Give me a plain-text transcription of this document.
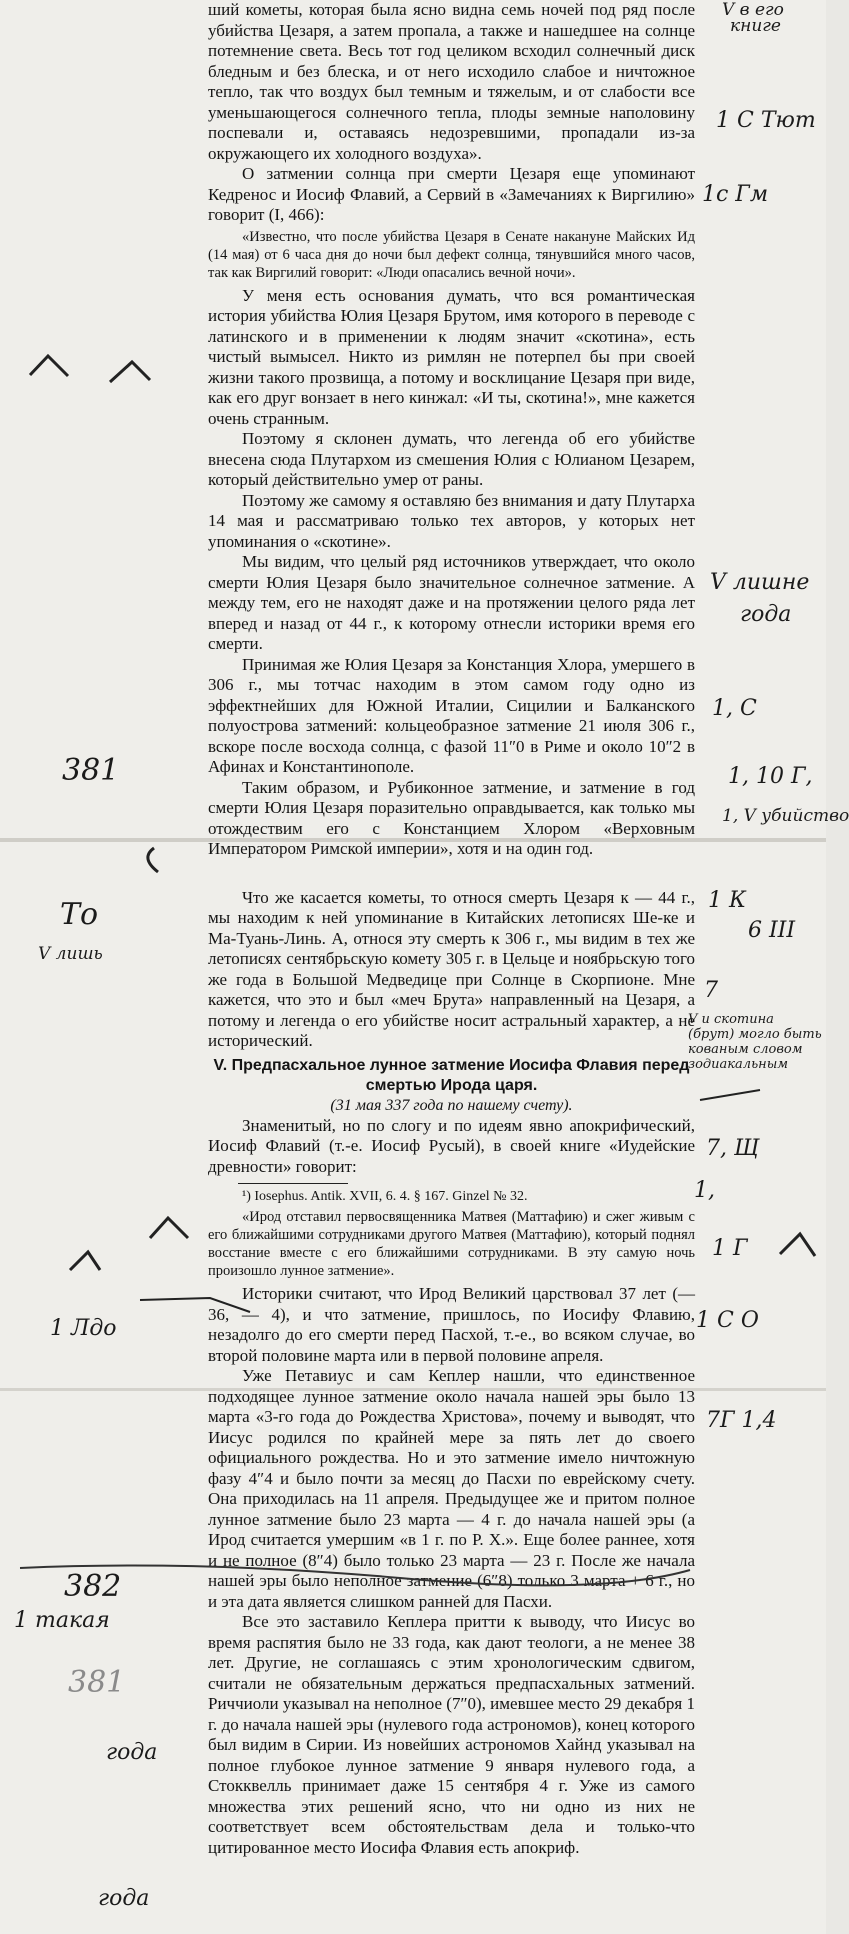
ший кометы, которая была ясно видна семь ночей под ряд после убийства Цезаря, а затем пропала, а также и нашедшее на солнце потемнение света. Весь тот год целиком всходил солнечный диск бледным и без блеска, и от него исходило слабое и ничтожное тепло, так что воздух был темным и тяжелым, и от слабости все уменьшающегося солнечного тепла, плоды земные наполовину поспевали и, оставаясь недозревшими, пропадали из-за окружающего их холодного воздуха».

О затмении солнца при смерти Цезаря еще упоминают Кедренос и Иосиф Флавий, а Сервий в «Замечаниях к Виргилию» говорит (I, 466):

«Известно, что после убийства Цезаря в Сенате накануне Майских Ид (14 мая) от 6 часа дня до ночи был дефект солнца, тянувшийся много часов, так как Виргилий говорит: «Люди опасались вечной ночи».

У меня есть основания думать, что вся романтическая история убийства Юлия Цезаря Брутом, имя которого в переводе с латинского и в применении к людям значит «скотина», есть чистый вымысел. Никто из римлян не потерпел бы при своей жизни такого прозвища, а потому и восклицание Цезаря при виде, как его друг вонзает в него кинжал: «И ты, скотина!», мне кажется очень странным.

Поэтому я склонен думать, что легенда об его убийстве внесена сюда Плутархом из смешения Юлия с Юлианом Цезарем, который действительно умер от раны.

Поэтому же самому я оставляю без внимания и дату Плутарха 14 мая и рассматриваю только тех авторов, у которых нет упоминания о «скотине».

Мы видим, что целый ряд источников утверждает, что около смерти Юлия Цезаря было значительное солнечное затмение. А между тем, его не находят даже и на протяжении целого ряда лет вперед и назад от 44 г., к которому отнесли историки время его смерти.

Принимая же Юлия Цезаря за Констанция Хлора, умершего в 306 г., мы тотчас находим в этом самом году одно из эффектнейших для Южной Италии, Сицилии и Балканского полуострова затмений: кольцеобразное затмение 21 июля 306 г., вскоре после восхода солнца, с фазой 11″0 в Риме и около 10″2 в Афинах и Константинополе.

Таким образом, и Рубиконное затмение, и затмение в год смерти Юлия Цезаря поразительно оправдывается, как только мы отождествим его с Констанцием Хлором «Верховным Императором Римской империи», хотя и на один год.

Что же касается кометы, то относя смерть Цезаря к — 44 г., мы находим к ней упоминание в Китайских летописях Ше-ке и Ма-Туань-Линь. А, относя эту смерть к 306 г., мы видим в тех же летописях сентябрьскую комету 305 г. в Цельце и ноябрьскую того же года в Большой Медведице при Солнце в Скорпионе. Мне кажется, что это и был «меч Брута» направленный на Цезаря, а потому и легенда о его убийстве носит астральный характер, а не исторический.

V. Предпасхальное лунное затмение Иосифа Флавия перед смертью Ирода царя.

(31 мая 337 года по нашему счету).

Знаменитый, но по слогу и по идеям явно апокрифический, Иосиф Флавий (т.-е. Иосиф Русый), в своей книге «Иудейские древности» говорит:

¹) Iosephus. Antik. XVII, 6. 4. § 167. Ginzel № 32.

«Ирод отставил первосвященника Матвея (Маттафию) и сжег живым с его ближайшими сотрудниками другого Матвея (Маттафию), который поднял восстание вместе с его ближайшими сотрудниками. В эту самую ночь произошло лунное затмение».

Историки считают, что Ирод Великий царствовал 37 лет (— 36, — 4), и что затмение, пришлось, по Иосифу Флавию, незадолго до его смерти перед Пасхой, т.-е., во всяком случае, во второй половине марта или в первой половине апреля.

Уже Петавиус и сам Кеплер нашли, что единственное подходящее лунное затмение около начала нашей эры было 13 марта «3-го года до Рождества Христова», почему и выводят, что Иисус родился по крайней мере за пять лет до своего официального рождества. Но и это затмение имело ничтожную фазу 4″4 и было почти за месяц до Пасхи по еврейскому счету. Она приходилась на 11 апреля. Предыдущее же и притом полное лунное затмение было 23 марта — 4 г. до начала нашей эры (а Ирод считается умершим «в 1 г. по Р. Х.». Еще более раннее, хотя и не полное (8″4) было только 23 марта — 23 г. После же начала нашей эры было неполное затмение (6″8) только 3 марта + 6 г., но и эта дата является слишком ранней для Пасхи.

Все это заставило Кеплера притти к выводу, что Иисус во время распятия было не 33 года, как дают теологи, а не менее 38 лет. Другие, не соглашаясь с этим хронологическим сдвигом, считали не обязательным держаться предпасхальных затмений. Риччиоли указывал на неполное (7″0), имевшее место 29 декабря 1 г. до начала нашей эры (нулевого года астрономов), конец которого был видим в Сирии. Из новейших астрономов Хайнд указывал на полное глубокое лунное затмение 9 января нулевого года, а Стокквелль принимает даже 15 сентября 4 г. Уже из самого множества этих решений ясно, что ни одно из них не соответствует всем обстоятельствам дела и только-что цитированное место Иосифа Флавия есть апокриф.

V в его
книге
1 С Тют
1с Гм
V лишне
года
1, С
1, 10 Г,
1, V убийство
1 К
6 III
7
V и скотина (брут) могло быть кованым словом зодиакальным
7, Щ
1,
1 Г
1 С О
7Г 1,4
1 Лдо
То
V лишь
1 такая
года
года
381
382
381
